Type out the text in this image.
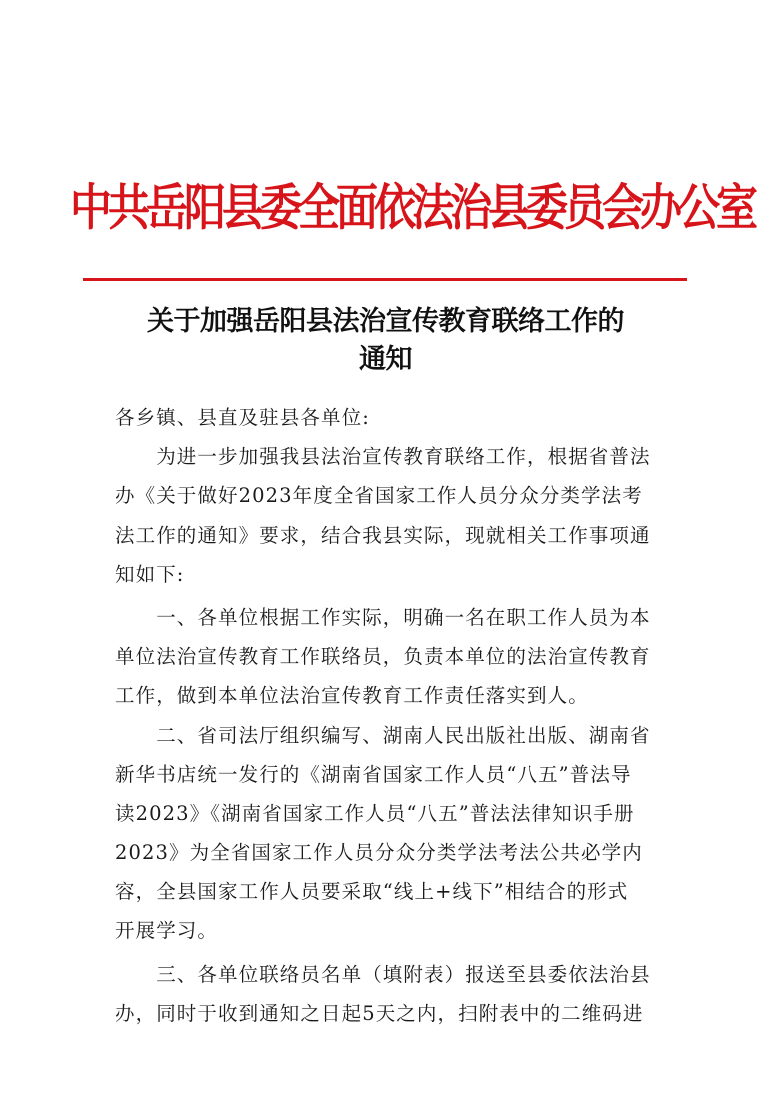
中共岳阳县委全面依法治县委员会办公室
关于加强岳阳县法治宣传教育联络工作的
通知
各乡镇、县直及驻县各单位:
　　为进一步加强我县法治宣传教育联络工作，根据省普法
办《关于做好2023年度全省国家工作人员分众分类学法考
法工作的通知》要求，结合我县实际，现就相关工作事项通
知如下:
　　一、各单位根据工作实际，明确一名在职工作人员为本
单位法治宣传教育工作联络员，负责本单位的法治宣传教育
工作，做到本单位法治宣传教育工作责任落实到人。
　　二、省司法厅组织编写、湖南人民出版社出版、湖南省
新华书店统一发行的《湖南省国家工作人员“八五”普法导
读2023》《湖南省国家工作人员“八五”普法法律知识手册
2023》为全省国家工作人员分众分类学法考法公共必学内
容，全县国家工作人员要采取“线上+线下”相结合的形式
开展学习。
　　三、各单位联络员名单（填附表）报送至县委依法治县
办，同时于收到通知之日起5天之内，扫附表中的二维码进
